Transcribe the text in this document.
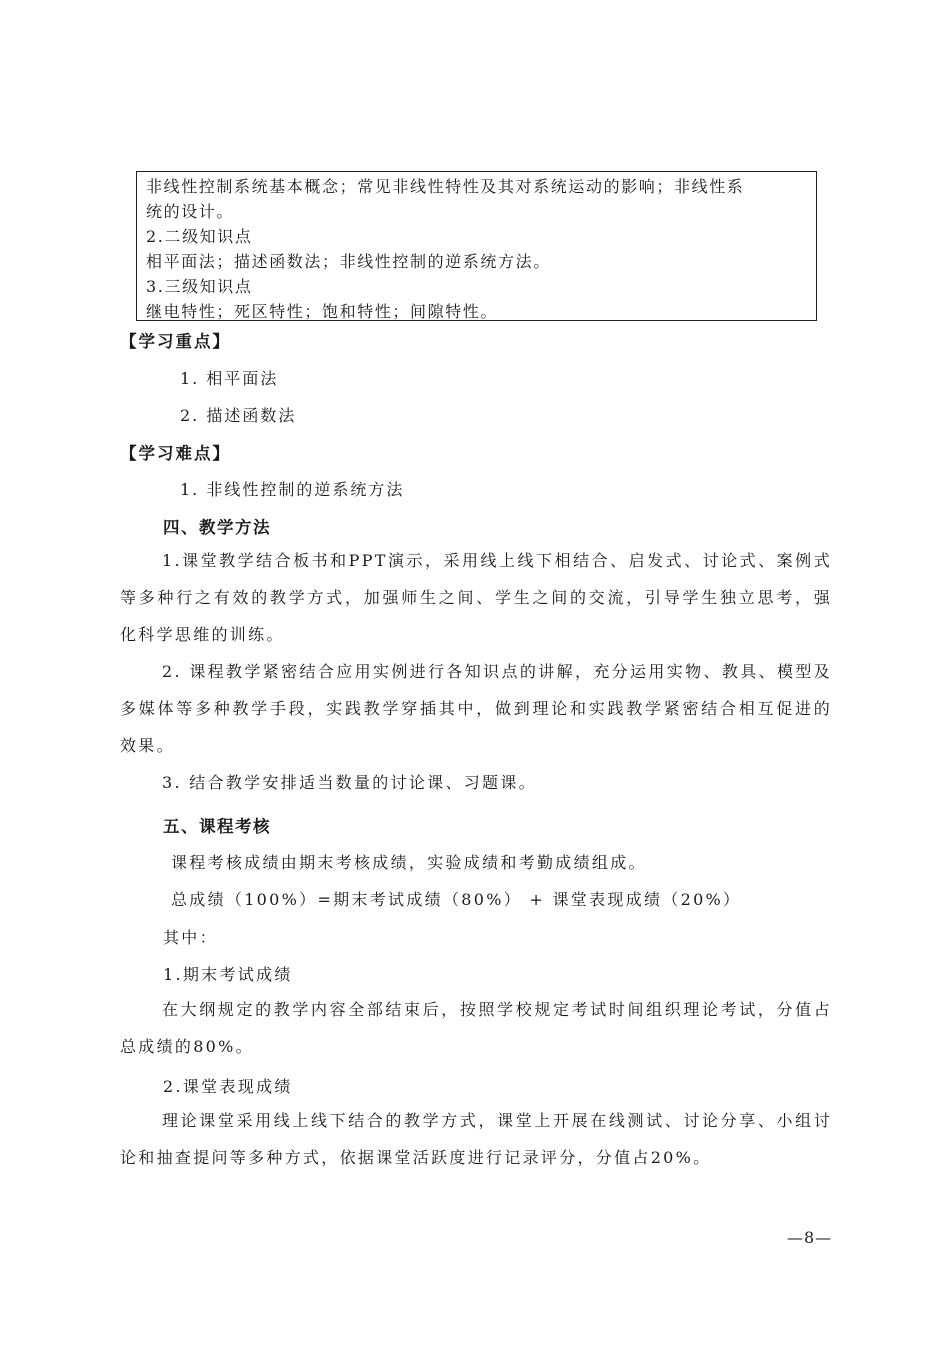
非线性控制系统基本概念；常见非线性特性及其对系统运动的影响；非线性系
统的设计。
2.二级知识点
相平面法；描述函数法；非线性控制的逆系统方法。
3.三级知识点
继电特性；死区特性；饱和特性；间隙特性。
【学习重点】
1. 相平面法
2. 描述函数法
【学习难点】
1. 非线性控制的逆系统方法
四、教学方法
1.课堂教学结合板书和PPT演示，采用线上线下相结合、启发式、讨论式、案例式等多种行之有效的教学方式，加强师生之间、学生之间的交流，引导学生独立思考，强化科学思维的训练。
2. 课程教学紧密结合应用实例进行各知识点的讲解，充分运用实物、教具、模型及多媒体等多种教学手段，实践教学穿插其中，做到理论和实践教学紧密结合相互促进的效果。
3. 结合教学安排适当数量的讨论课、习题课。
五、课程考核
课程考核成绩由期末考核成绩，实验成绩和考勤成绩组成。
总成绩（100%）=期末考试成绩（80%） + 课堂表现成绩（20%）
其中：
1.期末考试成绩
在大纲规定的教学内容全部结束后，按照学校规定考试时间组织理论考试，分值占总成绩的80%。
2.课堂表现成绩
理论课堂采用线上线下结合的教学方式，课堂上开展在线测试、讨论分享、小组讨论和抽查提问等多种方式，依据课堂活跃度进行记录评分，分值占20%。
—8—
